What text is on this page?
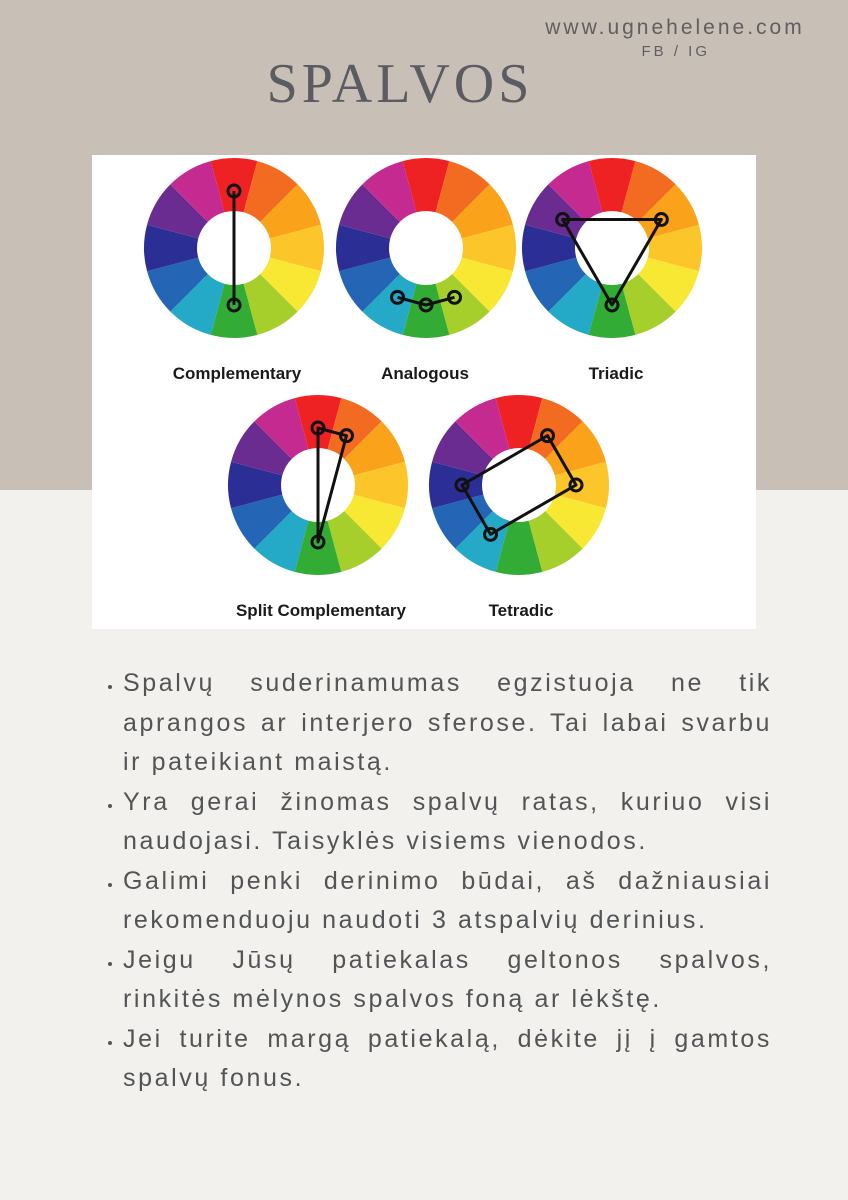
www.ugnehelene.com
FB / IG
SPALVOS
Complementary	Analogous	Triadic
Split Complementary	Tetradic
• Spalvų suderinamumas egzistuoja ne tik aprangos ar interjero sferose. Tai labai svarbu ir pateikiant maistą.
• Yra gerai žinomas spalvų ratas, kuriuo visi naudojasi. Taisyklės visiems vienodos.
• Galimi penki derinimo būdai, aš dažniausiai rekomenduoju naudoti 3 atspalvių derinius.
• Jeigu Jūsų patiekalas geltonos spalvos, rinkitės mėlynos spalvos foną ar lėkštę.
• Jei turite margą patiekalą, dėkite jį į gamtos spalvų fonus.
